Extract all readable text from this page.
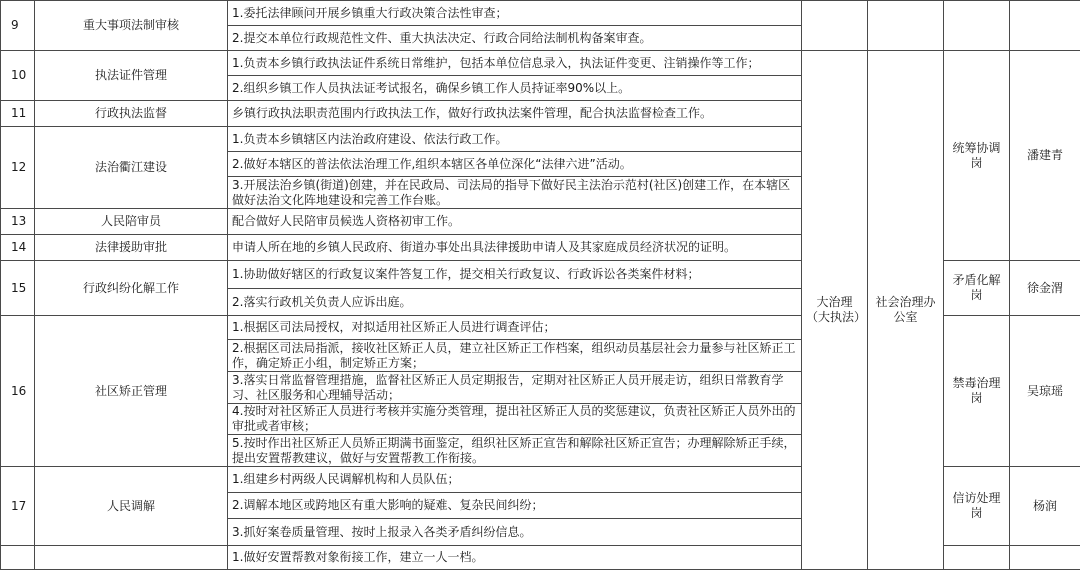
9	重大事项法制审核	1.委托法律顾问开展乡镇重大行政决策合法性审查；					
		2.提交本单位行政规范性文件、重大执法决定、行政合同给法制机构备案审查。					
10	执法证件管理	1.负责本乡镇行政执法证件系统日常维护，包括本单位信息录入，执法证件变更、注销操作等工作；	大治理（大执法）	社会治理办公室	统筹协调岗	潘建青	
		2.组织乡镇工作人员执法证考试报名，确保乡镇工作人员持证率90%以上。					
11	行政执法监督	乡镇行政执法职责范围内行政执法工作，做好行政执法案件管理，配合执法监督检查工作。					
12	法治衢江建设	1.负责本乡镇辖区内法治政府建设、依法行政工作。					
		2.做好本辖区的普法依法治理工作,组织本辖区各单位深化“法律六进”活动。					
		3.开展法治乡镇(街道)创建，并在民政局、司法局的指导下做好民主法治示范村(社区)创建工作，在本辖区做好法治文化阵地建设和完善工作台账。					
13	人民陪审员	配合做好人民陪审员候选人资格初审工作。					
14	法律援助审批	申请人所在地的乡镇人民政府、街道办事处出具法律援助申请人及其家庭成员经济状况的证明。					
15	行政纠纷化解工作	1.协助做好辖区的行政复议案件答复工作，提交相关行政复议、行政诉讼各类案件材料；			矛盾化解岗	徐金渭	
		2.落实行政机关负责人应诉出庭。					
16	社区矫正管理	1.根据区司法局授权，对拟适用社区矫正人员进行调查评估；			禁毒治理岗	吴琼瑶	
		2.根据区司法局指派，接收社区矫正人员，建立社区矫正工作档案，组织动员基层社会力量参与社区矫正工作，确定矫正小组，制定矫正方案；					
		3.落实日常监督管理措施，监督社区矫正人员定期报告，定期对社区矫正人员开展走访，组织日常教育学习、社区服务和心理辅导活动；					
		4.按时对社区矫正人员进行考核并实施分类管理，提出社区矫正人员的奖惩建议，负责社区矫正人员外出的审批或者审核；					
		5.按时作出社区矫正人员矫正期满书面鉴定，组织社区矫正宣告和解除社区矫正宣告；办理解除矫正手续，提出安置帮教建议，做好与安置帮教工作衔接。					
17	人民调解	1.组建乡村两级人民调解机构和人员队伍；			信访处理岗	杨润	
		2.调解本地区或跨地区有重大影响的疑难、复杂民间纠纷；					
		3.抓好案卷质量管理、按时上报录入各类矛盾纠纷信息。					
		1.做好安置帮教对象衔接工作，建立一人一档。					
